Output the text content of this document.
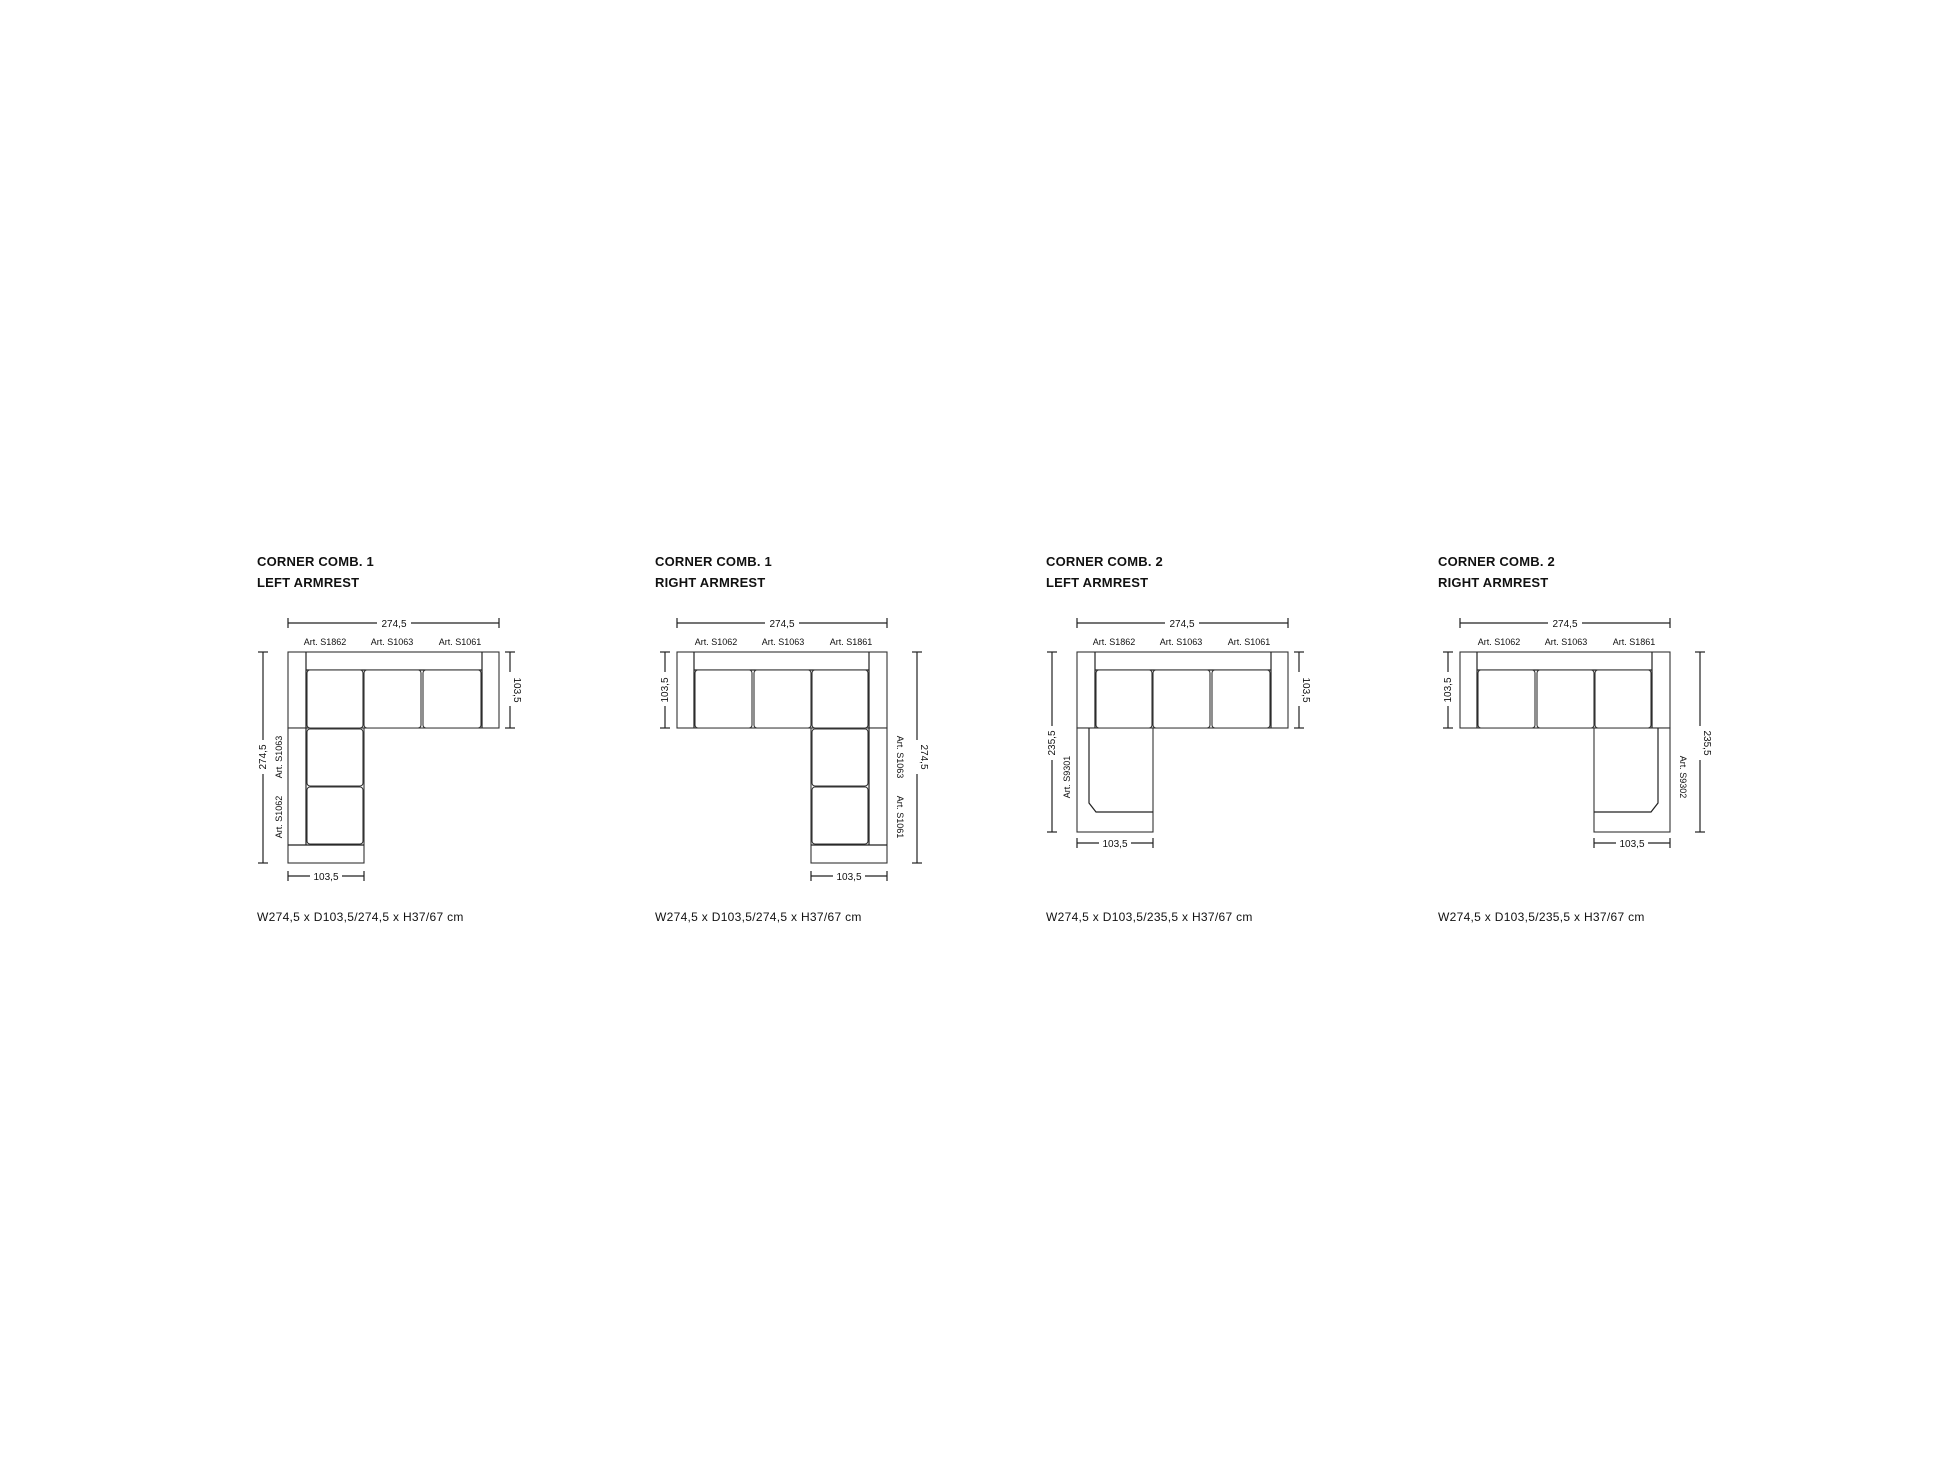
CORNER COMB. 1
LEFT ARMREST
CORNER COMB. 1
RIGHT ARMREST
CORNER COMB. 2
LEFT ARMREST
CORNER COMB. 2
RIGHT ARMREST
W274,5 x D103,5/274,5 x H37/67 cm	W274,5 x D103,5/274,5 x H37/67 cm	W274,5 x D103,5/235,5 x H37/67 cm	W274,5 x D103,5/235,5 x H37/67 cm
274,5
Art. S1862	Art. S1063	Art. S1061
103,5
274,5 Art. S1063
Art. S1062
103,5
274,5
Art. S1062	Art. S1063	Art. S1861
103,5
274,5
Art. S1063
Art. S1061
103,5
274,5
Art. S1862	Art. S1063	Art. S1061
103,5
235,5
Art. S9301
103,5
274,5
Art. S1062	Art. S1063	Art. S1861
103,5
235,5
Art. S9302
103,5
